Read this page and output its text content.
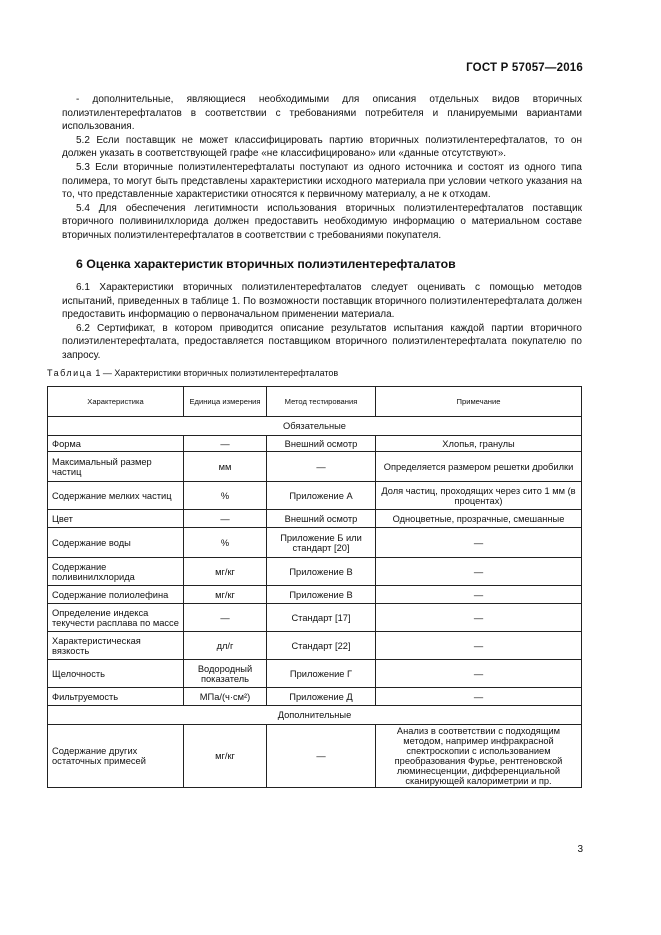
ГОСТ Р 57057—2016

- дополнительные, являющиеся необходимыми для описания отдельных видов вторичных полиэтилентерефталатов в соответствии с требованиями потребителя и планируемыми вариантами использования.

5.2 Если поставщик не может классифицировать партию вторичных полиэтилентерефталатов, то он должен указать в соответствующей графе «не классифицировано» или «данные отсутствуют».

5.3 Если вторичные полиэтилентерефталаты поступают из одного источника и состоят из одного типа полимера, то могут быть представлены характеристики исходного материала при условии четкого указания на то, что представленные характеристики относятся к первичному материалу, а не к отходам.

5.4 Для обеспечения легитимности использования вторичных полиэтилентерефталатов поставщик вторичного поливинилхлорида должен предоставить необходимую информацию о материальном составе вторичных полиэтилентерефталатов в соответствии с требованиями покупателя.

6 Оценка характеристик вторичных полиэтилентерефталатов

6.1 Характеристики вторичных полиэтилентерефталатов следует оценивать с помощью методов испытаний, приведенных в таблице 1. По возможности поставщик вторичного полиэтилентерефталата должен предоставить информацию о первоначальном применении материала.

6.2 Сертификат, в котором приводится описание результатов испытания каждой партии вторичного полиэтилентерефталата, предоставляется поставщиком вторичного полиэтилентерефталата покупателю по запросу.

Таблица 1 — Характеристики вторичных полиэтилентерефталатов
Характеристика	Единица измерения	Метод тестирования	Примечание
Обязательные			
Форма	—	Внешний осмотр	Хлопья, гранулы
Максимальный размер частиц	мм	—	Определяется размером решетки дробилки
Содержание мелких частиц	%	Приложение А	Доля частиц, проходящих через сито 1 мм (в процентах)
Цвет	—	Внешний осмотр	Одноцветные, прозрачные, смешанные
Содержание воды	%	Приложение Б или стандарт [20]	—
Содержание поливинилхлорида	мг/кг	Приложение В	—
Содержание полиолефина	мг/кг	Приложение В	—
Определение индекса текучести расплава по массе	—	Стандарт [17]	—
Характеристическая вязкость	дл/г	Стандарт [22]	—
Щелочность	Водородный показатель	Приложение Г	—
Фильтруемость	МПа/(ч·см²)	Приложение Д	—
Дополнительные			
Содержание других остаточных примесей	мг/кг	—	Анализ в соответствии с подходящим методом, например инфракрасной спектроскопии с использованием преобразования Фурье, рентгеновской люминесценции, дифференциальной сканирующей калориметрии и пр.
3
